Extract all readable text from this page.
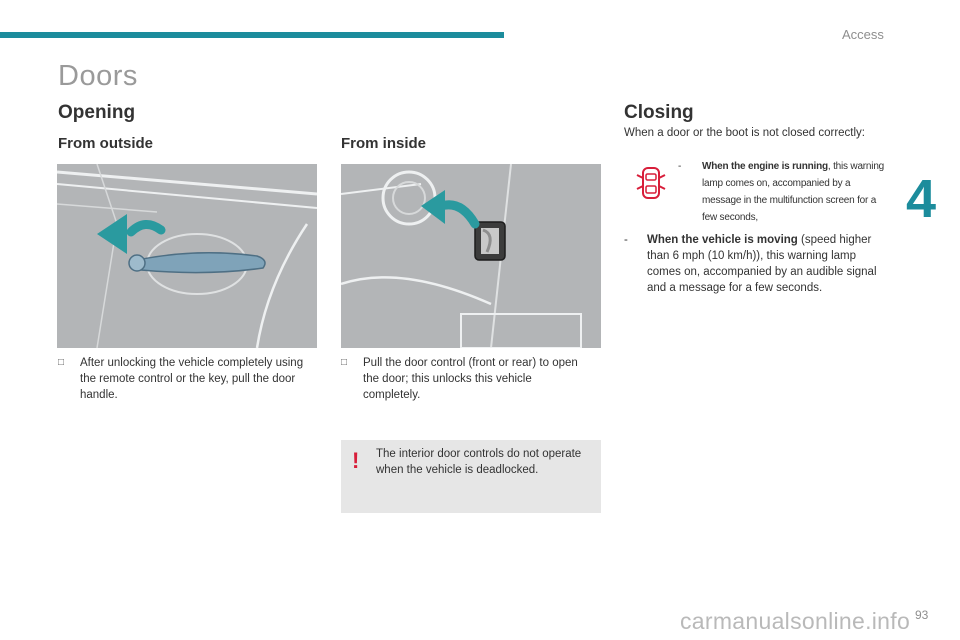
Access
4
Doors
Opening	Closing
From outside	From inside
□	After unlocking the vehicle completely using the remote control or the key, pull the door handle.
□	Pull the door control (front or rear) to open the door; this unlocks this vehicle completely.
! The interior door controls do not operate when the vehicle is deadlocked.
When a door or the boot is not closed correctly:
-	When the engine is running, this warning lamp comes on, accompanied by a message in the multifunction screen for a few seconds,
-	When the vehicle is moving (speed higher than 6 mph (10 km/h)), this warning lamp comes on, accompanied by an audible signal and a message for a few seconds.
carmanualsonline.info 93
